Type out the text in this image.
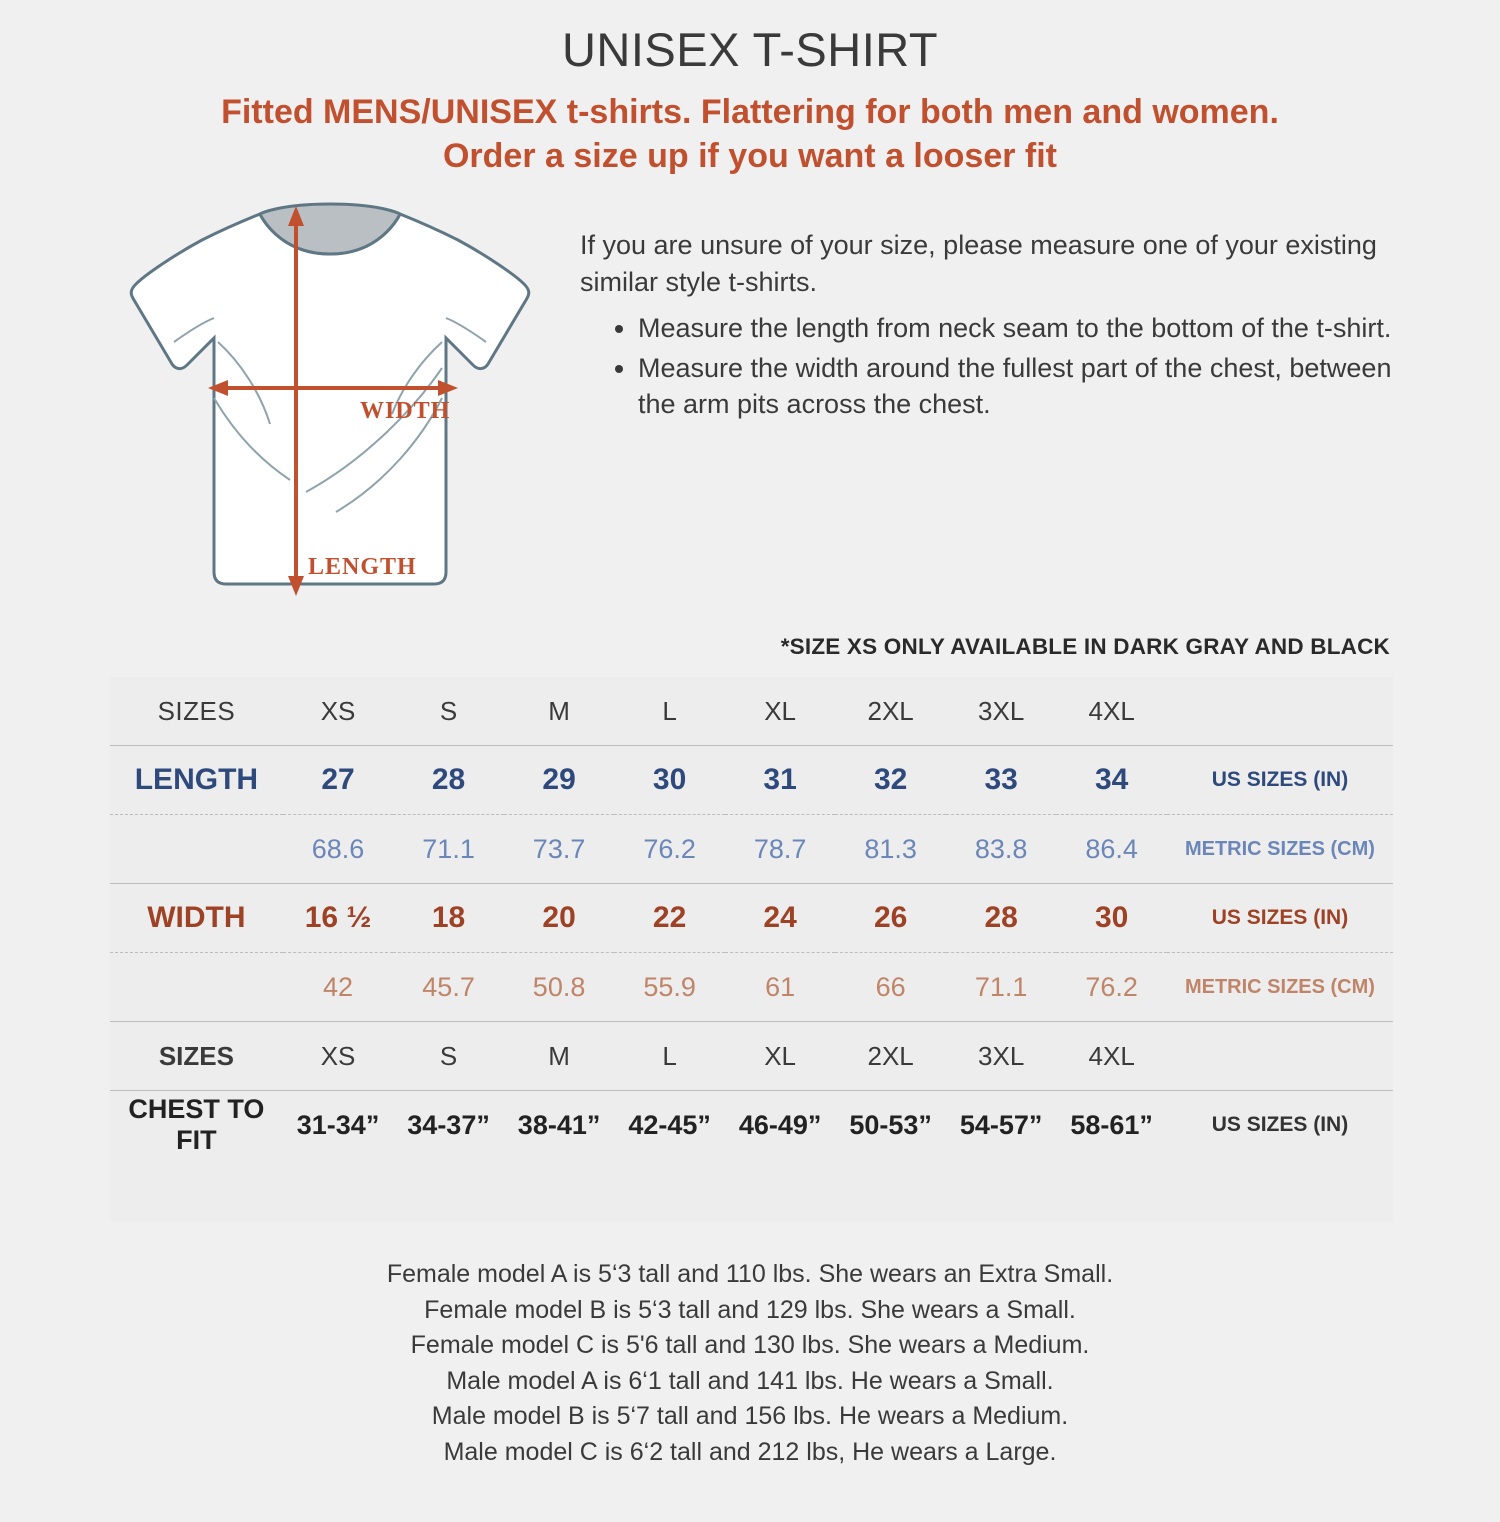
UNISEX T-SHIRT
Fitted MENS/UNISEX t-shirts. Flattering for both men and women.
Order a size up if you want a looser fit
WIDTH
LENGTH

If you are unsure of your size, please measure one of your existing similar style t-shirts.

• Measure the length from neck seam to the bottom of the t-shirt.
• Measure the width around the fullest part of the chest, between the arm pits across the chest.
*SIZE XS ONLY AVAILABLE IN DARK GRAY AND BLACK
SIZES	XS	S	M	L	XL	2XL	3XL	4XL	
LENGTH	27	28	29	30	31	32	33	34	US SIZES (IN)
	68.6	71.1	73.7	76.2	78.7	81.3	83.8	86.4	METRIC SIZES (CM)
WIDTH	16 ½	18	20	22	24	26	28	30	US SIZES (IN)
	42	45.7	50.8	55.9	61	66	71.1	76.2	METRIC SIZES (CM)
SIZES	XS	S	M	L	XL	2XL	3XL	4XL	
CHEST TO FIT	31-34”	34-37”	38-41”	42-45”	46-49”	50-53”	54-57”	58-61”	US SIZES (IN)
Female model A is 5‘3 tall and 110 lbs. She wears an Extra Small.
Female model B is 5‘3 tall and 129 lbs. She wears a Small.
Female model C is 5'6 tall and 130 lbs. She wears a Medium.
Male model A is 6‘1 tall and 141 lbs. He wears a Small.
Male model B is 5‘7 tall and 156 lbs. He wears a Medium.
Male model C is 6‘2 tall and 212 lbs, He wears a Large.
